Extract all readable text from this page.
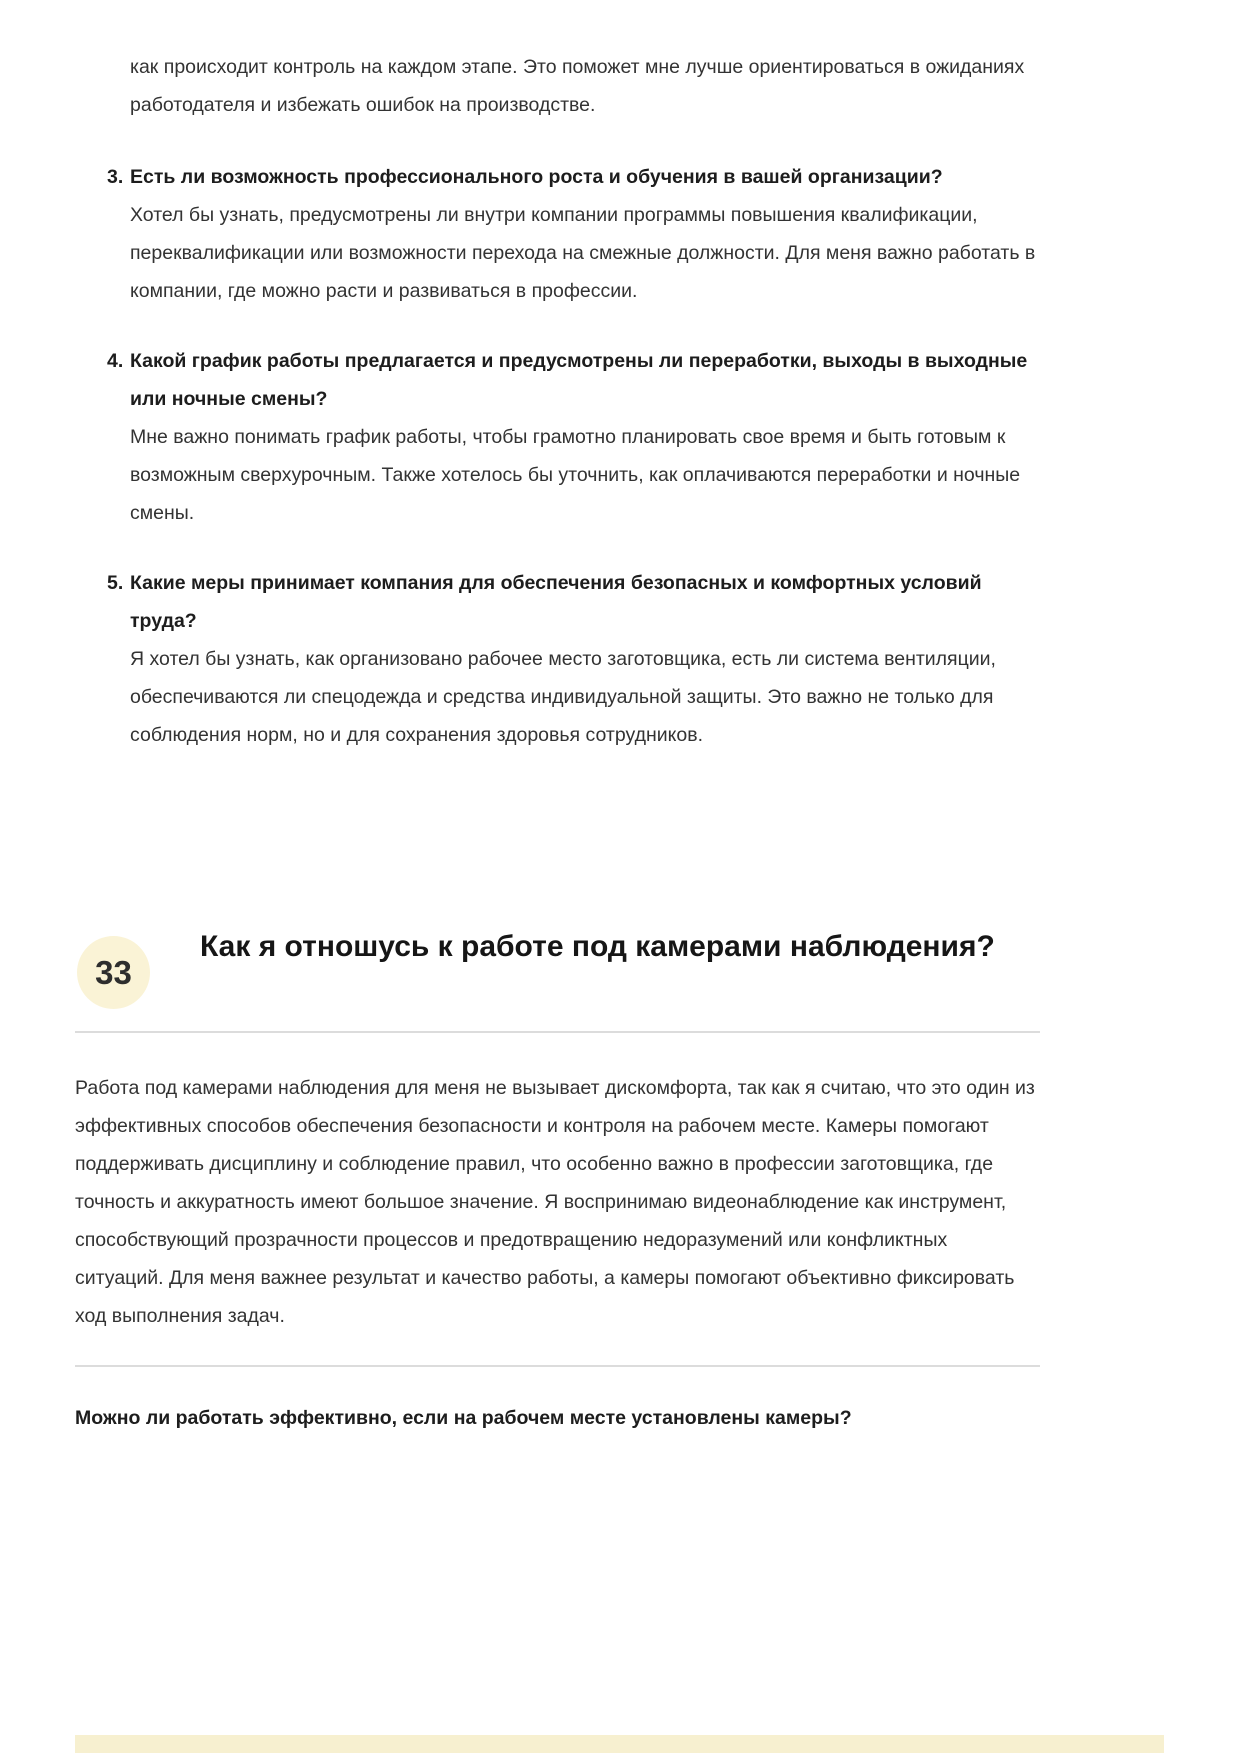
как происходит контроль на каждом этапе. Это поможет мне лучше ориентироваться в ожиданиях работодателя и избежать ошибок на производстве.

3. Есть ли возможность профессионального роста и обучения в вашей организации?
Хотел бы узнать, предусмотрены ли внутри компании программы повышения квалификации, переквалификации или возможности перехода на смежные должности. Для меня важно работать в компании, где можно расти и развиваться в профессии.
4. Какой график работы предлагается и предусмотрены ли переработки, выходы в выходные или ночные смены?
Мне важно понимать график работы, чтобы грамотно планировать свое время и быть готовым к возможным сверхурочным. Также хотелось бы уточнить, как оплачиваются переработки и ночные смены.
5. Какие меры принимает компания для обеспечения безопасных и комфортных условий труда?
Я хотел бы узнать, как организовано рабочее место заготовщика, есть ли система вентиляции, обеспечиваются ли спецодежда и средства индивидуальной защиты. Это важно не только для соблюдения норм, но и для сохранения здоровья сотрудников.
33
Как я отношусь к работе под камерами наблюдения?

Работа под камерами наблюдения для меня не вызывает дискомфорта, так как я считаю, что это один из эффективных способов обеспечения безопасности и контроля на рабочем месте. Камеры помогают поддерживать дисциплину и соблюдение правил, что особенно важно в профессии заготовщика, где точность и аккуратность имеют большое значение. Я воспринимаю видеонаблюдение как инструмент, способствующий прозрачности процессов и предотвращению недоразумений или конфликтных ситуаций. Для меня важнее результат и качество работы, а камеры помогают объективно фиксировать ход выполнения задач.

Можно ли работать эффективно, если на рабочем месте установлены камеры?
